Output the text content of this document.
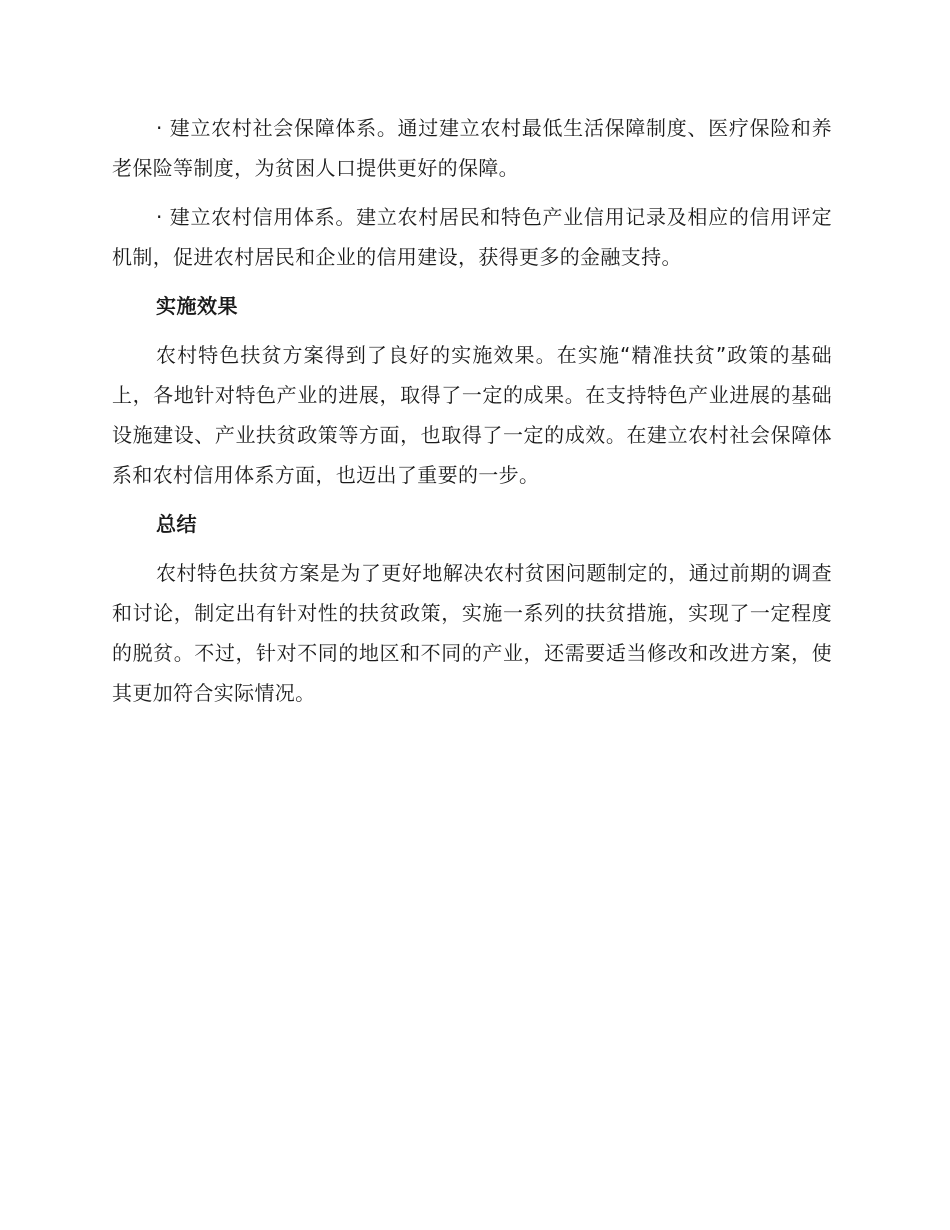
· 建立农村社会保障体系。通过建立农村最低生活保障制度、医疗保险和养老保险等制度，为贫困人口提供更好的保障。

· 建立农村信用体系。建立农村居民和特色产业信用记录及相应的信用评定机制，促进农村居民和企业的信用建设，获得更多的金融支持。

实施效果

农村特色扶贫方案得到了良好的实施效果。在实施“精准扶贫”政策的基础上，各地针对特色产业的进展，取得了一定的成果。在支持特色产业进展的基础设施建设、产业扶贫政策等方面，也取得了一定的成效。在建立农村社会保障体系和农村信用体系方面，也迈出了重要的一步。

总结

农村特色扶贫方案是为了更好地解决农村贫困问题制定的，通过前期的调查和讨论，制定出有针对性的扶贫政策，实施一系列的扶贫措施，实现了一定程度的脱贫。不过，针对不同的地区和不同的产业，还需要适当修改和改进方案，使其更加符合实际情况。
